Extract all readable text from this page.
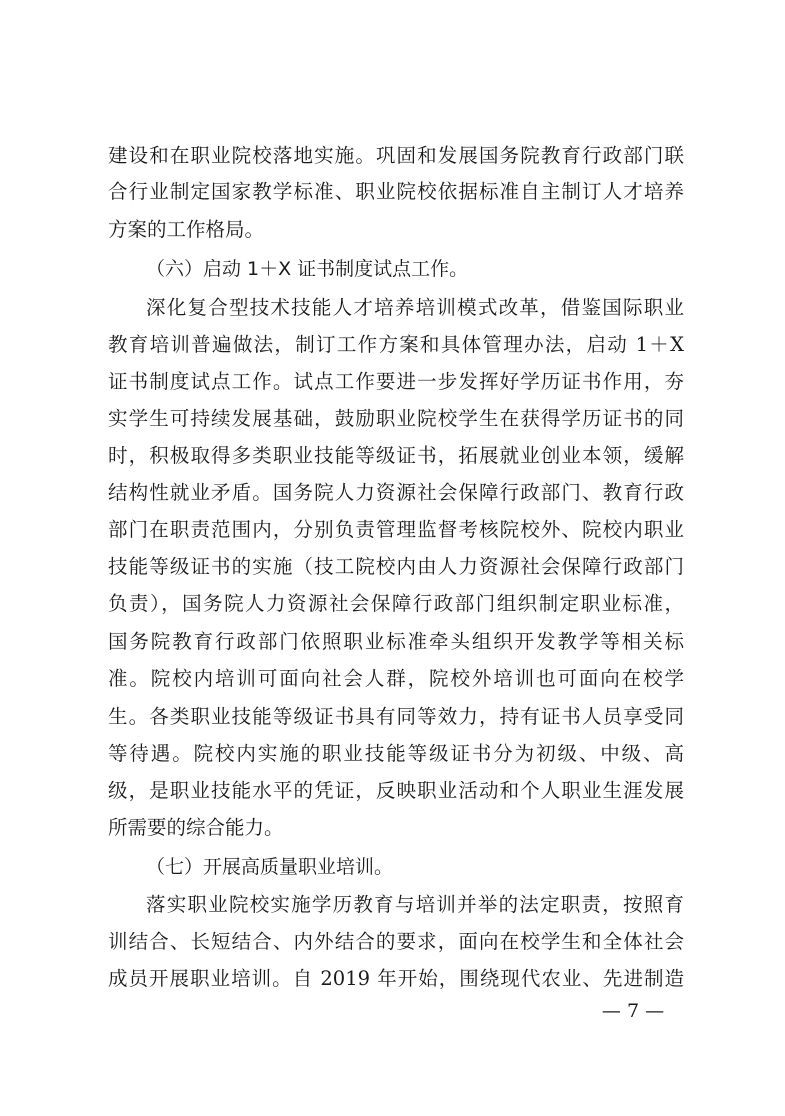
建设和在职业院校落地实施。巩固和发展国务院教育行政部门联
合行业制定国家教学标准、职业院校依据标准自主制订人才培养
方案的工作格局。
（六）启动 1＋X 证书制度试点工作。
深化复合型技术技能人才培养培训模式改革，借鉴国际职业
教育培训普遍做法，制订工作方案和具体管理办法，启动 1＋X
证书制度试点工作。试点工作要进一步发挥好学历证书作用，夯
实学生可持续发展基础，鼓励职业院校学生在获得学历证书的同
时，积极取得多类职业技能等级证书，拓展就业创业本领，缓解
结构性就业矛盾。国务院人力资源社会保障行政部门、教育行政
部门在职责范围内，分别负责管理监督考核院校外、院校内职业
技能等级证书的实施（技工院校内由人力资源社会保障行政部门
负责），国务院人力资源社会保障行政部门组织制定职业标准，
国务院教育行政部门依照职业标准牵头组织开发教学等相关标
准。院校内培训可面向社会人群，院校外培训也可面向在校学
生。各类职业技能等级证书具有同等效力，持有证书人员享受同
等待遇。院校内实施的职业技能等级证书分为初级、中级、高
级，是职业技能水平的凭证，反映职业活动和个人职业生涯发展
所需要的综合能力。
（七）开展高质量职业培训。
落实职业院校实施学历教育与培训并举的法定职责，按照育
训结合、长短结合、内外结合的要求，面向在校学生和全体社会
成员开展职业培训。自 2019 年开始，围绕现代农业、先进制造
— 7 —
